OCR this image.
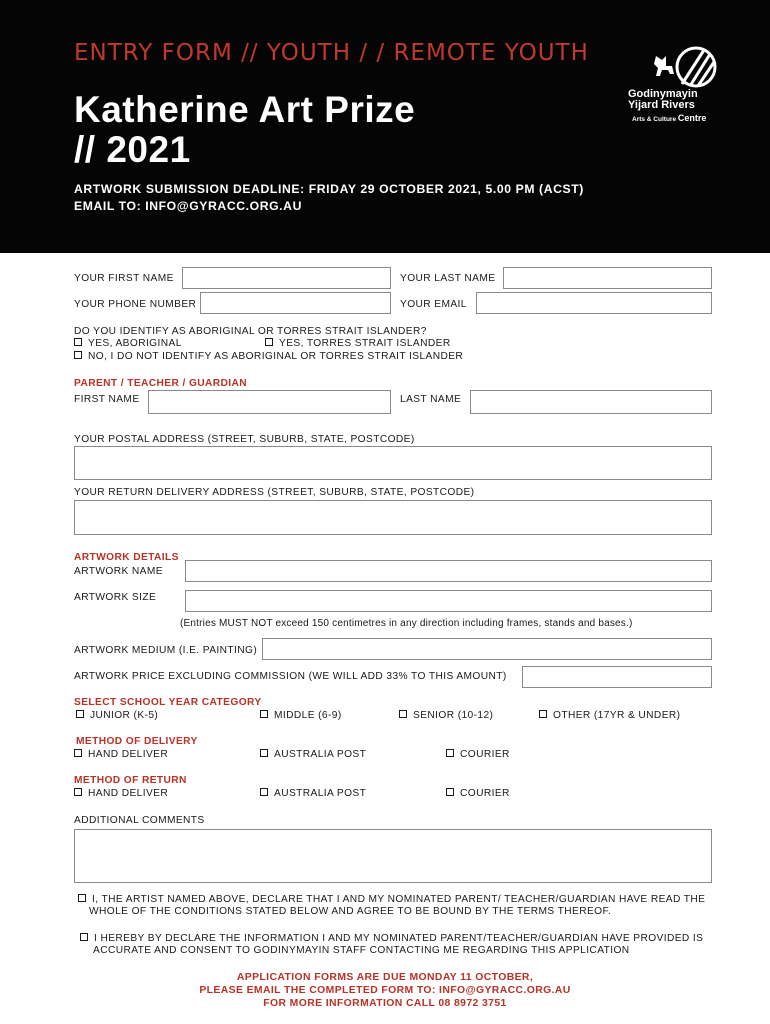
ENTRY FORM // YOUTH / / REMOTE YOUTH
Katherine Art Prize
// 2021
ARTWORK SUBMISSION DEADLINE: FRIDAY 29 OCTOBER 2021, 5.00 PM (ACST)
EMAIL TO: INFO@GYRACC.ORG.AU
Godinymayin
Yijard Rivers
Arts & Culture Centre
YOUR FIRST NAME	YOUR LAST NAME
YOUR PHONE NUMBER	YOUR EMAIL
DO YOU IDENTIFY AS ABORIGINAL OR TORRES STRAIT ISLANDER?
YES, ABORIGINAL	YES, TORRES STRAIT ISLANDER
NO, I DO NOT IDENTIFY AS ABORIGINAL OR TORRES STRAIT ISLANDER
PARENT / TEACHER / GUARDIAN
FIRST NAME	LAST NAME
YOUR POSTAL ADDRESS (STREET, SUBURB, STATE, POSTCODE)
YOUR RETURN DELIVERY ADDRESS (STREET, SUBURB, STATE, POSTCODE)
ARTWORK DETAILS
ARTWORK NAME
ARTWORK SIZE
(Entries MUST NOT exceed 150 centimetres in any direction including frames, stands and bases.)
ARTWORK MEDIUM (I.E. PAINTING)
ARTWORK PRICE EXCLUDING COMMISSION (WE WILL ADD 33% TO THIS AMOUNT)
SELECT SCHOOL YEAR CATEGORY
JUNIOR (K-5)	MIDDLE (6-9)	SENIOR (10-12)	OTHER (17YR & UNDER)
METHOD OF DELIVERY
HAND DELIVER	AUSTRALIA POST	COURIER
METHOD OF RETURN
HAND DELIVER	AUSTRALIA POST	COURIER
ADDITIONAL COMMENTS
I, THE ARTIST NAMED ABOVE, DECLARE THAT I AND MY NOMINATED PARENT/ TEACHER/GUARDIAN HAVE READ THE
WHOLE OF THE CONDITIONS STATED BELOW AND AGREE TO BE BOUND BY THE TERMS THEREOF.
I HEREBY BY DECLARE THE INFORMATION I AND MY NOMINATED PARENT/TEACHER/GUARDIAN HAVE PROVIDED IS
ACCURATE AND CONSENT TO GODINYMAYIN STAFF CONTACTING ME REGARDING THIS APPLICATION
APPLICATION FORMS ARE DUE MONDAY 11 OCTOBER,
PLEASE EMAIL THE COMPLETED FORM TO: INFO@GYRACC.ORG.AU
FOR MORE INFORMATION CALL 08 8972 3751
